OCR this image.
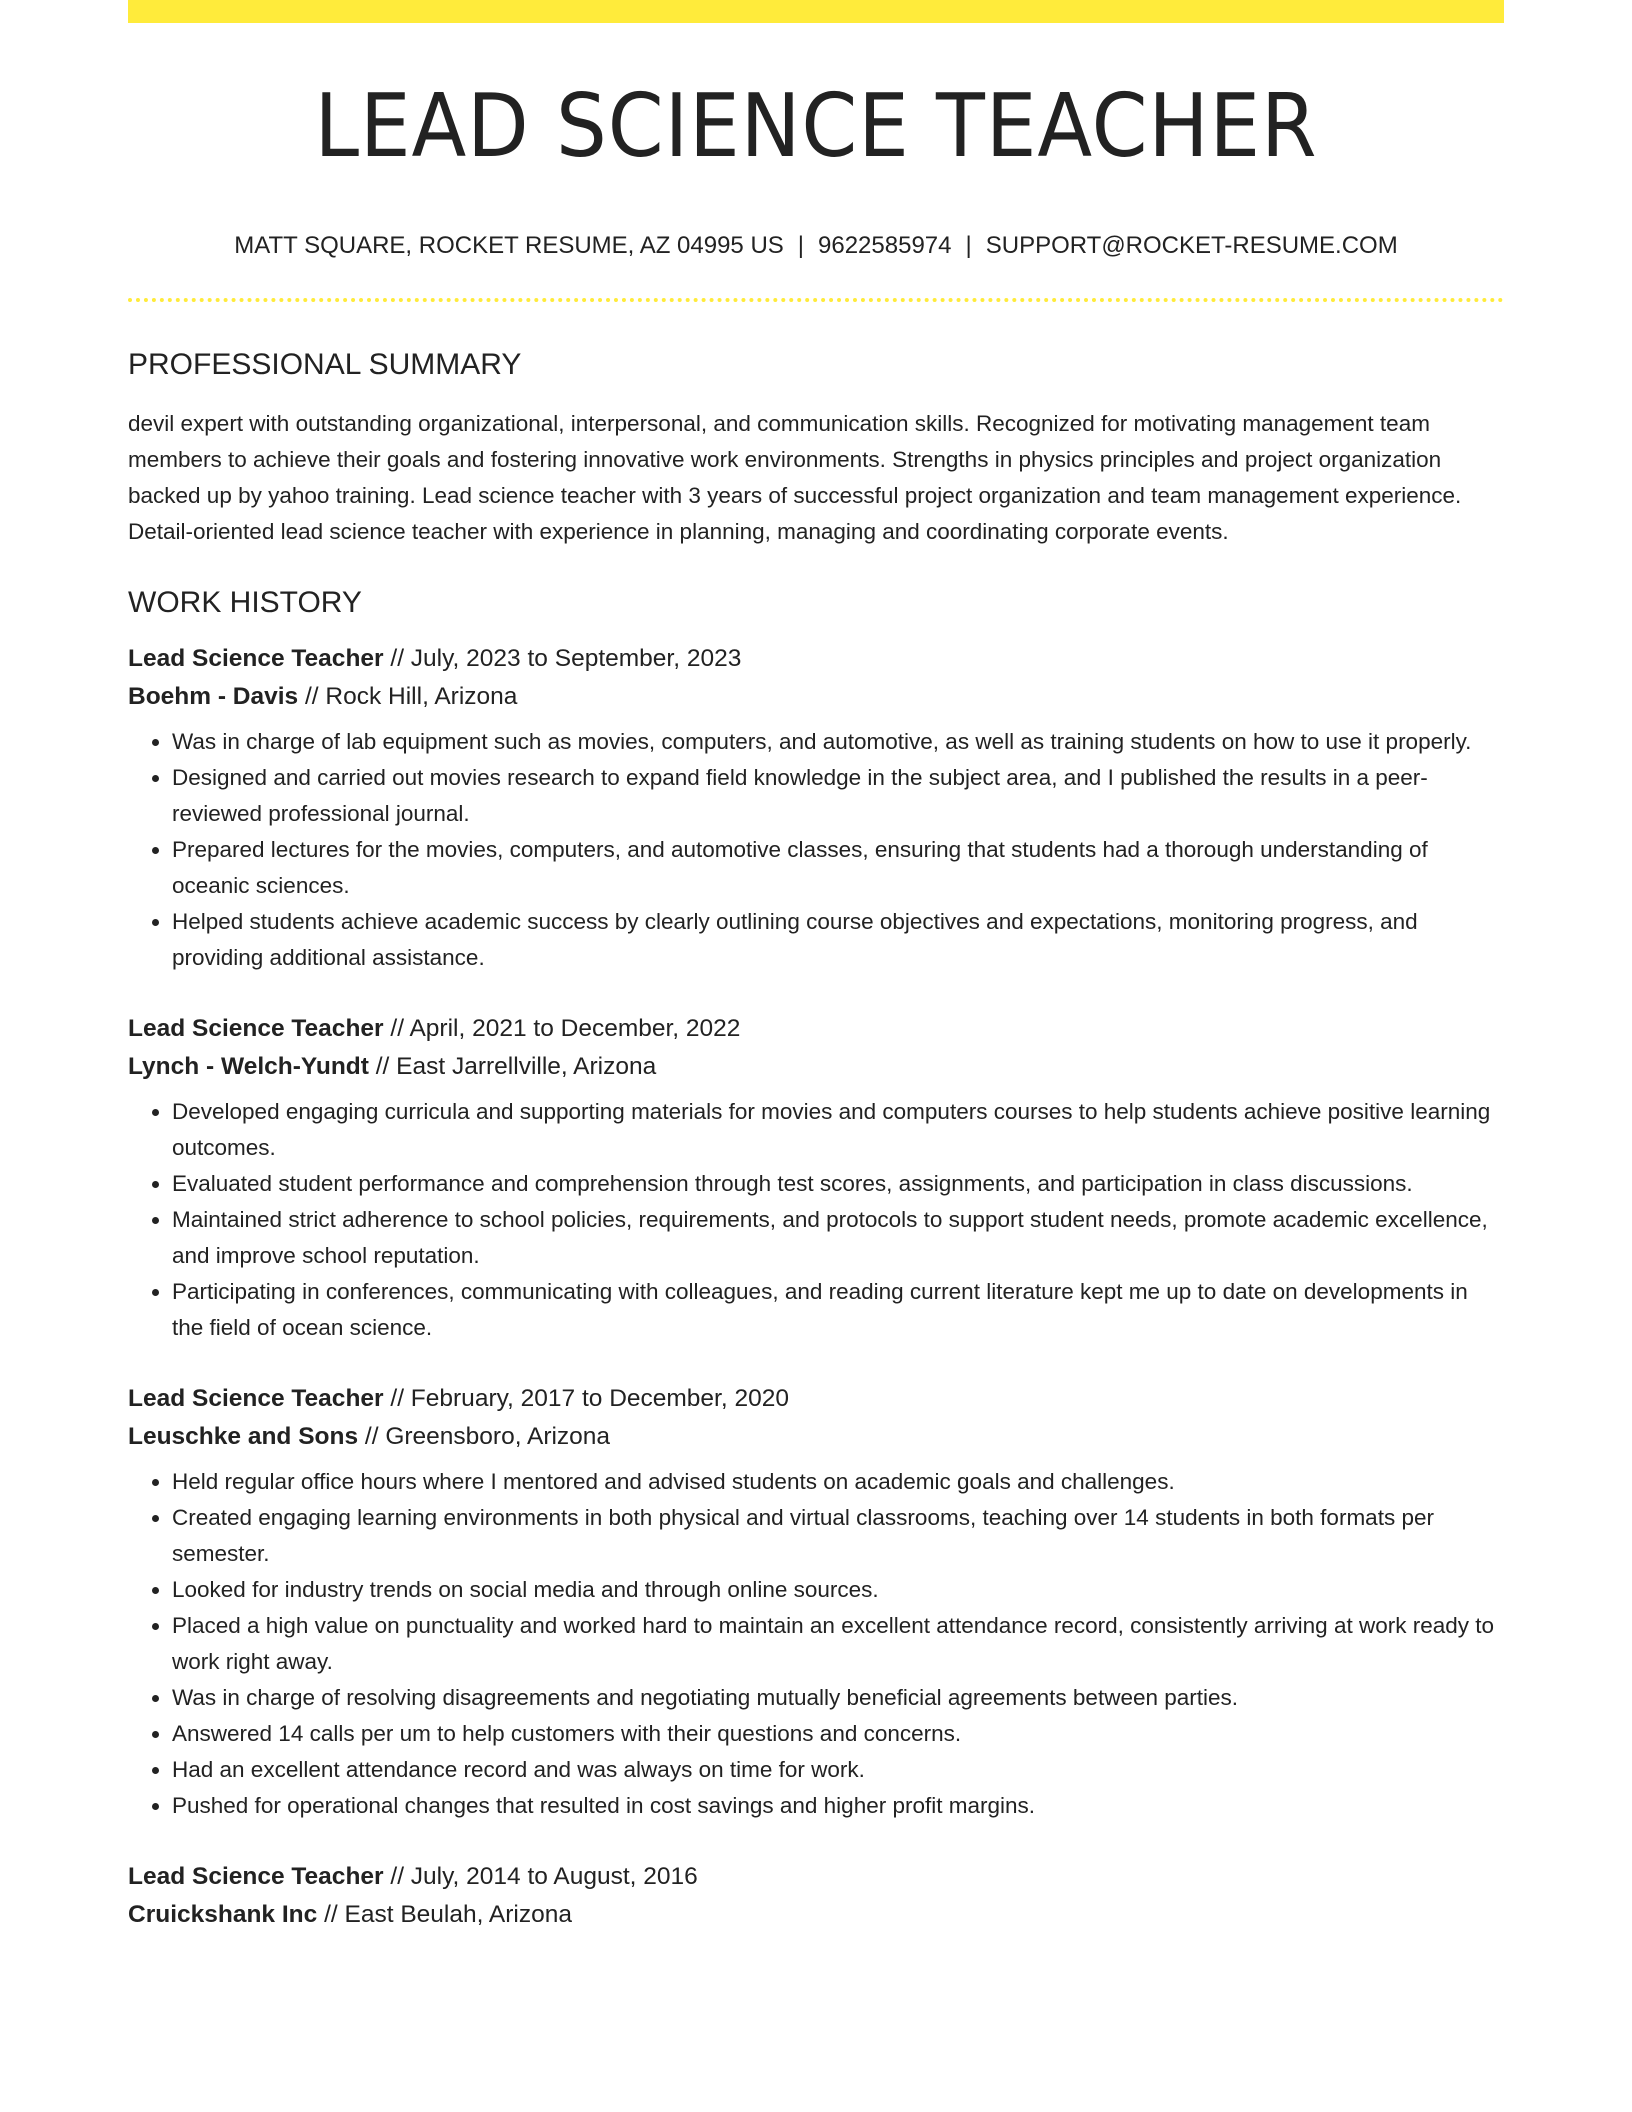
LEAD SCIENCE TEACHER
MATT SQUARE, ROCKET RESUME, AZ 04995 US | 9622585974 | SUPPORT@ROCKET-RESUME.COM
PROFESSIONAL SUMMARY

devil expert with outstanding organizational, interpersonal, and communication skills. Recognized for motivating management team members to achieve their goals and fostering innovative work environments. Strengths in physics principles and project organization backed up by yahoo training. Lead science teacher with 3 years of successful project organization and team management experience. Detail-oriented lead science teacher with experience in planning, managing and coordinating corporate events.

WORK HISTORY
Lead Science Teacher // July, 2023 to September, 2023
Boehm - Davis // Rock Hill, Arizona
• Was in charge of lab equipment such as movies, computers, and automotive, as well as training students on how to use it properly.
• Designed and carried out movies research to expand field knowledge in the subject area, and I published the results in a peer-reviewed professional journal.
• Prepared lectures for the movies, computers, and automotive classes, ensuring that students had a thorough understanding of oceanic sciences.
• Helped students achieve academic success by clearly outlining course objectives and expectations, monitoring progress, and providing additional assistance.
Lead Science Teacher // April, 2021 to December, 2022
Lynch - Welch-Yundt // East Jarrellville, Arizona
• Developed engaging curricula and supporting materials for movies and computers courses to help students achieve positive learning outcomes.
• Evaluated student performance and comprehension through test scores, assignments, and participation in class discussions.
• Maintained strict adherence to school policies, requirements, and protocols to support student needs, promote academic excellence, and improve school reputation.
• Participating in conferences, communicating with colleagues, and reading current literature kept me up to date on developments in the field of ocean science.
Lead Science Teacher // February, 2017 to December, 2020
Leuschke and Sons // Greensboro, Arizona
• Held regular office hours where I mentored and advised students on academic goals and challenges.
• Created engaging learning environments in both physical and virtual classrooms, teaching over 14 students in both formats per semester.
• Looked for industry trends on social media and through online sources.
• Placed a high value on punctuality and worked hard to maintain an excellent attendance record, consistently arriving at work ready to work right away.
• Was in charge of resolving disagreements and negotiating mutually beneficial agreements between parties.
• Answered 14 calls per um to help customers with their questions and concerns.
• Had an excellent attendance record and was always on time for work.
• Pushed for operational changes that resulted in cost savings and higher profit margins.
Lead Science Teacher // July, 2014 to August, 2016
Cruickshank Inc // East Beulah, Arizona
